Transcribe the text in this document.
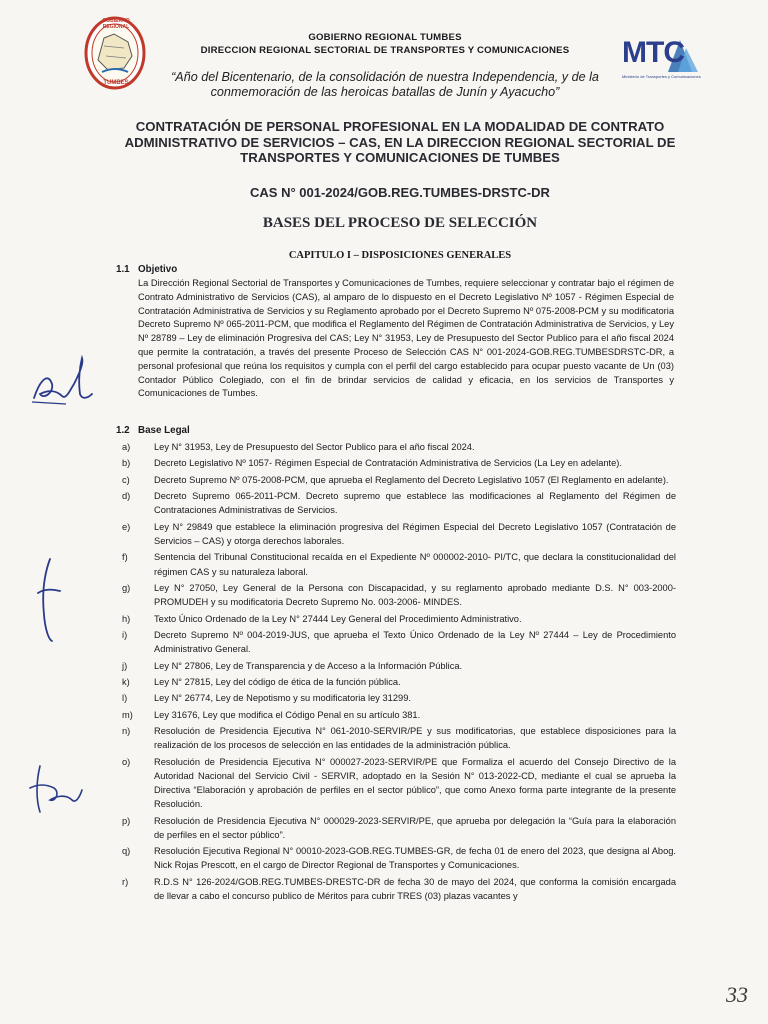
GOBIERNO REGIONAL
TUMBES
MTC
Ministerio de Transportes y Comunicaciones
GOBIERNO REGIONAL TUMBES
DIRECCION REGIONAL SECTORIAL DE TRANSPORTES Y COMUNICACIONES
“Año del Bicentenario, de la consolidación de nuestra Independencia, y de la conmemoración de las heroicas batallas de Junín y Ayacucho”
CONTRATACIÓN DE PERSONAL PROFESIONAL EN LA MODALIDAD DE CONTRATO ADMINISTRATIVO DE SERVICIOS – CAS, EN LA DIRECCION REGIONAL SECTORIAL DE TRANSPORTES Y COMUNICACIONES DE TUMBES
CAS N° 001-2024/GOB.REG.TUMBES-DRSTC-DR
BASES DEL PROCESO DE SELECCIÓN
CAPITULO I – DISPOSICIONES GENERALES
1.1 Objetivo
La Dirección Regional Sectorial de Transportes y Comunicaciones de Tumbes, requiere seleccionar y contratar bajo el régimen de Contrato Administrativo de Servicios (CAS), al amparo de lo dispuesto en el Decreto Legislativo Nº 1057 - Régimen Especial de Contratación Administrativa de Servicios y su Reglamento aprobado por el Decreto Supremo Nº 075-2008-PCM y su modificatoria Decreto Supremo Nº 065-2011-PCM, que modifica el Reglamento del Régimen de Contratación Administrativa de Servicios, y Ley Nº 28789 – Ley de eliminación Progresiva del CAS; Ley N° 31953, Ley de Presupuesto del Sector Publico para el año fiscal 2024 que permite la contratación, a través del presente Proceso de Selección CAS N° 001-2024-GOB.REG.TUMBESDRSTC-DR, a personal profesional que reúna los requisitos y cumpla con el perfil del cargo establecido para ocupar puesto vacante de Un (03) Contador Público Colegiado, con el fin de brindar servicios de calidad y eficacia, en los servicios de Transportes y Comunicaciones de Tumbes.
1.2 Base Legal
a)	Ley N° 31953, Ley de Presupuesto del Sector Publico para el año fiscal 2024.
b)	Decreto Legislativo Nº 1057- Régimen Especial de Contratación Administrativa de Servicios (La Ley en adelante).
c)	Decreto Supremo Nº 075-2008-PCM, que aprueba el Reglamento del Decreto Legislativo 1057 (El Reglamento en adelante).
d)	Decreto Supremo 065-2011-PCM. Decreto supremo que establece las modificaciones al Reglamento del Régimen de Contrataciones Administrativas de Servicios.
e)	Ley N° 29849 que establece la eliminación progresiva del Régimen Especial del Decreto Legislativo 1057 (Contratación de Servicios – CAS) y otorga derechos laborales.
f)	Sentencia del Tribunal Constitucional recaída en el Expediente Nº 000002-2010- PI/TC, que declara la constitucionalidad del régimen CAS y su naturaleza laboral.
g)	Ley N° 27050, Ley General de la Persona con Discapacidad, y su reglamento aprobado mediante D.S. N° 003-2000-PROMUDEH y su modificatoria Decreto Supremo No. 003-2006- MINDES.
h)	Texto Único Ordenado de la Ley N° 27444 Ley General del Procedimiento Administrativo.
i)	Decreto Supremo Nº 004-2019-JUS, que aprueba el Texto Único Ordenado de la Ley Nº 27444 – Ley de Procedimiento Administrativo General.
j)	Ley N° 27806, Ley de Transparencia y de Acceso a la Información Pública.
k)	Ley N° 27815, Ley del código de ética de la función pública.
l)	Ley N° 26774, Ley de Nepotismo y su modificatoria ley 31299.
m)	Ley 31676, Ley que modifica el Código Penal en su artículo 381.
n)	Resolución de Presidencia Ejecutiva N° 061-2010-SERVIR/PE y sus modificatorias, que establece disposiciones para la realización de los procesos de selección en las entidades de la administración pública.
o)	Resolución de Presidencia Ejecutiva N° 000027-2023-SERVIR/PE que Formaliza el acuerdo del Consejo Directivo de la Autoridad Nacional del Servicio Civil - SERVIR, adoptado en la Sesión N° 013-2022-CD, mediante el cual se aprueba la Directiva “Elaboración y aprobación de perfiles en el sector público”, que como Anexo forma parte integrante de la presente Resolución.
p)	Resolución de Presidencia Ejecutiva N° 000029-2023-SERVIR/PE, que aprueba por delegación la “Guía para la elaboración de perfiles en el sector público”.
q)	Resolución Ejecutiva Regional N° 00010-2023-GOB.REG.TUMBES-GR, de fecha 01 de enero del 2023, que designa al Abog. Nick Rojas Prescott, en el cargo de Director Regional de Transportes y Comunicaciones.
r)	R.D.S N° 126-2024/GOB.REG.TUMBES-DRESTC-DR de fecha 30 de mayo del 2024, que conforma la comisión encargada de llevar a cabo el concurso publico de Méritos para cubrir TRES (03) plazas vacantes y
33
